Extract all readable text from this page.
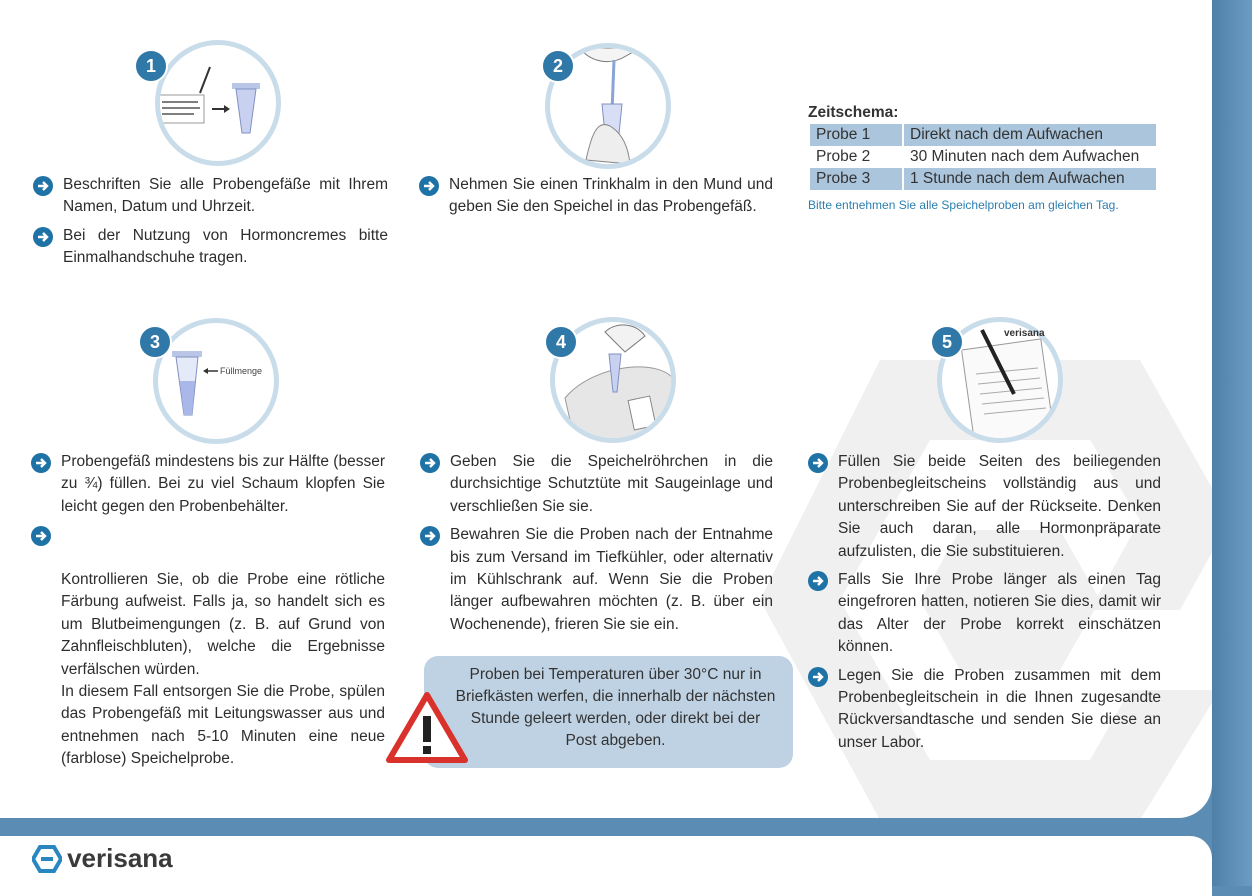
1
Beschriften Sie alle Probengefäße mit Ihrem Namen, Datum und Uhrzeit.
Bei der Nutzung von Hormoncremes bitte Einmalhandschuhe tragen.
2
Nehmen Sie einen Trinkhalm in den Mund und geben Sie den Speichel in das Probengefäß.
Zeitschema:
Probe 1	Direkt nach dem Aufwachen
Probe 2	30 Minuten nach dem Aufwachen
Probe 3	1 Stunde nach dem Aufwachen
Bitte entnehmen Sie alle Speichelproben am gleichen Tag.
3
Füllmenge
Probengefäß mindestens bis zur Hälfte (besser zu ¾) füllen. Bei zu viel Schaum klopfen Sie leicht gegen den Probenbehälter.

Kontrollieren Sie, ob die Probe eine rötliche Färbung aufweist. Falls ja, so handelt sich es um Blutbeimengungen (z. B. auf Grund von Zahnfleischbluten), welche die Ergebnisse verfälschen würden.
In diesem Fall entsorgen Sie die Probe, spülen das Probengefäß mit Leitungswasser aus und entnehmen nach 5-10 Minuten eine neue (farblose) Speichelprobe.

4
Geben Sie die Speichelröhrchen in die durchsichtige Schutztüte mit Saugeinlage und verschließen Sie sie.
Bewahren Sie die Proben nach der Entnahme bis zum Versand im Tiefkühler, oder alternativ im Kühlschrank auf. Wenn Sie die Proben länger aufbewahren möchten (z. B. über ein Wochenende), frieren Sie sie ein.
Proben bei Temperaturen über 30°C nur in Briefkästen werfen, die innerhalb der nächsten Stunde geleert werden, oder direkt bei der Post abgeben.
verisana
5
Füllen Sie beide Seiten des beiliegenden Probenbegleitscheins vollständig aus und unterschreiben Sie auf der Rückseite. Denken Sie auch daran, alle Hormonpräparate aufzulisten, die Sie substituieren.
Falls Sie Ihre Probe länger als einen Tag eingefroren hatten, notieren Sie dies, damit wir das Alter der Probe korrekt einschätzen können.
Legen Sie die Proben zusammen mit dem Probenbegleitschein in die Ihnen zugesandte Rückversandtasche und senden Sie diese an unser Labor.
verisana
